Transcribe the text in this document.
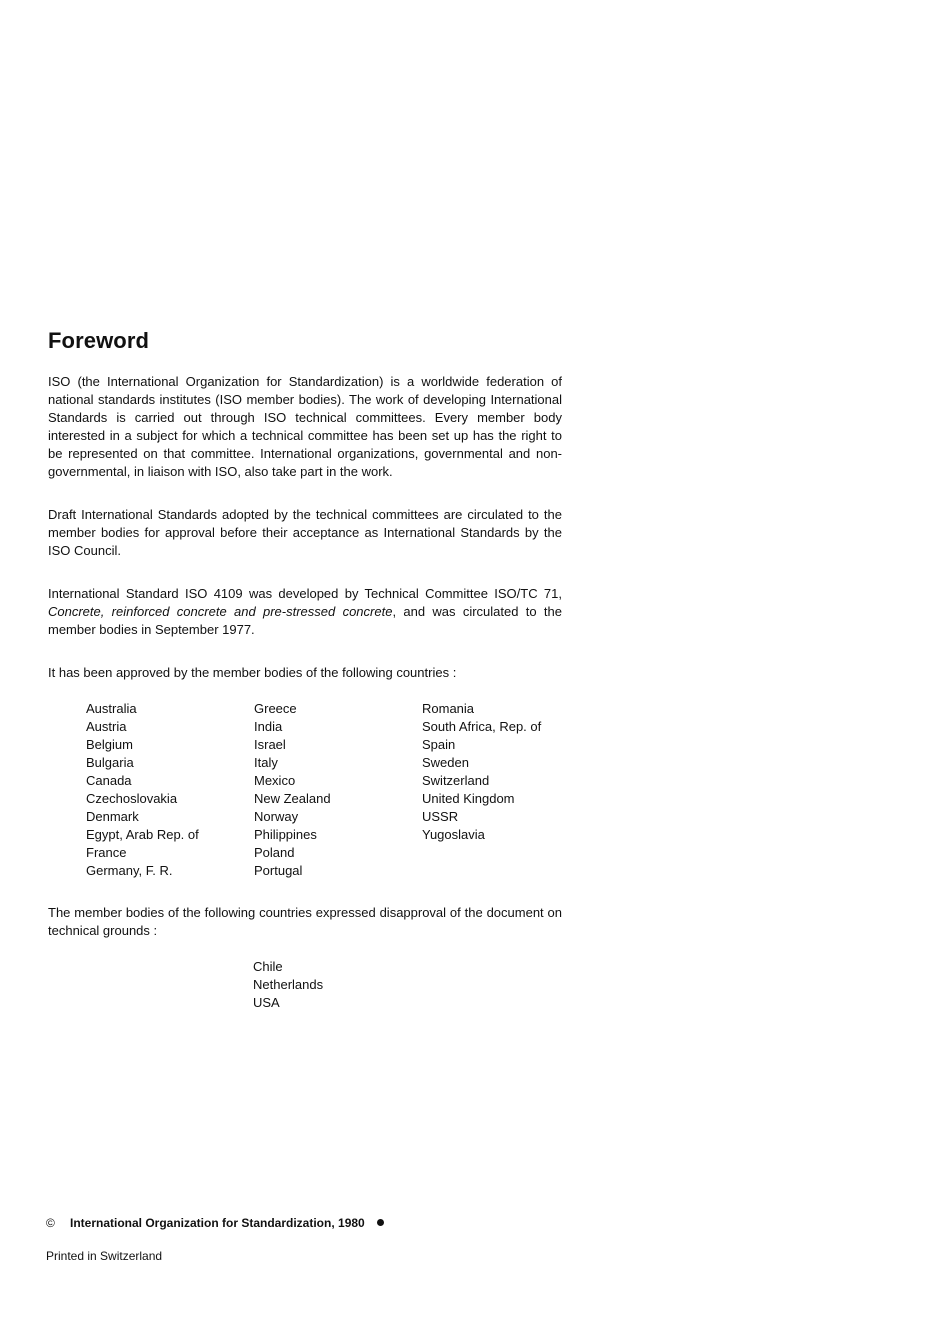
Foreword

ISO (the International Organization for Standardization) is a worldwide federation of national standards institutes (ISO member bodies). The work of developing International Standards is carried out through ISO technical committees. Every member body interested in a subject for which a technical committee has been set up has the right to be represented on that committee. International organizations, governmental and non-governmental, in liaison with ISO, also take part in the work.

Draft International Standards adopted by the technical committees are circulated to the member bodies for approval before their acceptance as International Standards by the ISO Council.

International Standard ISO 4109 was developed by Technical Committee ISO/TC 71, Concrete, reinforced concrete and pre-stressed concrete, and was circulated to the member bodies in September 1977.

It has been approved by the member bodies of the following countries :

Australia
Austria
Belgium
Bulgaria
Canada
Czechoslovakia
Denmark
Egypt, Arab Rep. of
France
Germany, F. R.
Greece
India
Israel
Italy
Mexico
New Zealand
Norway
Philippines
Poland
Portugal
Romania
South Africa, Rep. of
Spain
Sweden
Switzerland
United Kingdom
USSR
Yugoslavia

The member bodies of the following countries expressed disapproval of the document on technical grounds :

Chile
Netherlands
USA
© International Organization for Standardization, 1980
Printed in Switzerland
